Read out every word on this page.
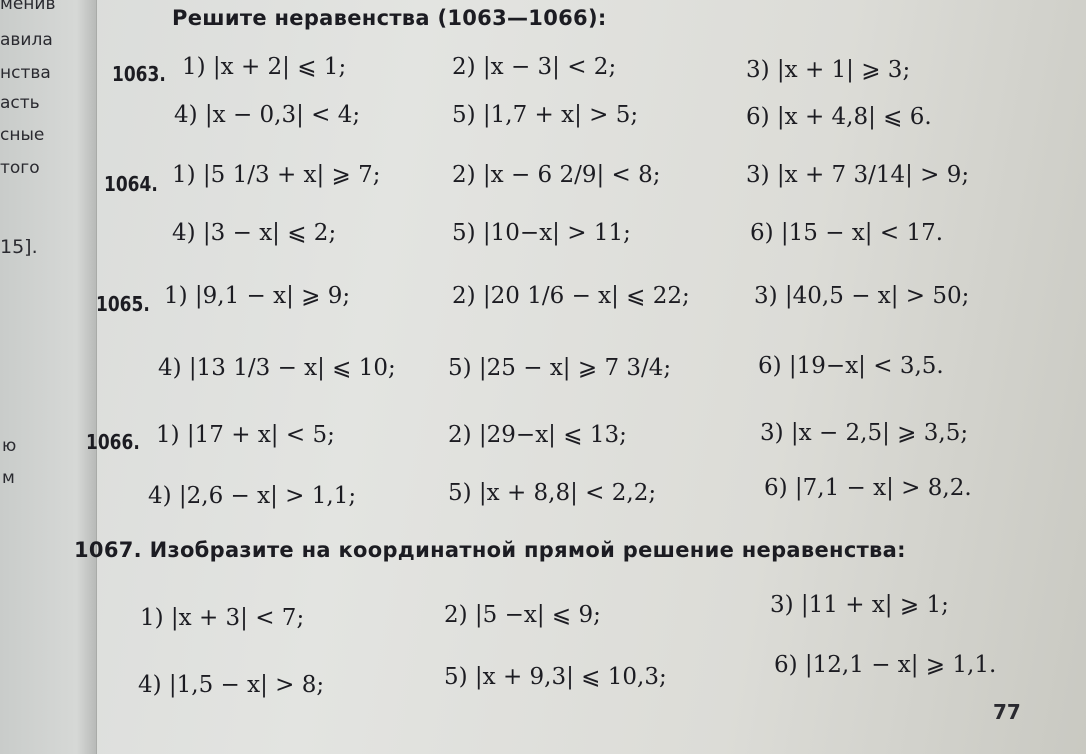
менив
авила
нства
асть
сные
того
15].
ю
м
Решите неравенства (1063—1066):
1063. 1) |x + 2| ⩽ 1;	2) |x − 3| < 2;	3) |x + 1| ⩾ 3;
4) |x − 0,3| < 4;	5) |1,7 + x| > 5;	6) |x + 4,8| ⩽ 6.
1064. 1) |5 1/3 + x| ⩾ 7;	2) |x − 6 2/9| < 8;	3) |x + 7 3/14| > 9;
4) |3 − x| ⩽ 2;	5) |10−x| > 11;	6) |15 − x| < 17.
1065. 1) |9,1 − x| ⩾ 9;	2) |20 1/6 − x| ⩽ 22;	3) |40,5 − x| > 50;
4) |13 1/3 − x| ⩽ 10; 5) |25 − x| ⩾ 7 3/4;	6) |19−x| < 3,5.
1066. 1) |17 + x| < 5;	2) |29−x| ⩽ 13;	3) |x − 2,5| ⩾ 3,5;
4) |2,6 − x| > 1,1;	5) |x + 8,8| < 2,2;	6) |7,1 − x| > 8,2.
1067. Изобразите на координатной прямой решение неравенства:
1) |x + 3| < 7;	2) |5 −x| ⩽ 9;	3) |11 + x| ⩾ 1;
4) |1,5 − x| > 8;	5) |x + 9,3| ⩽ 10,3;	6) |12,1 − x| ⩾ 1,1.
77
